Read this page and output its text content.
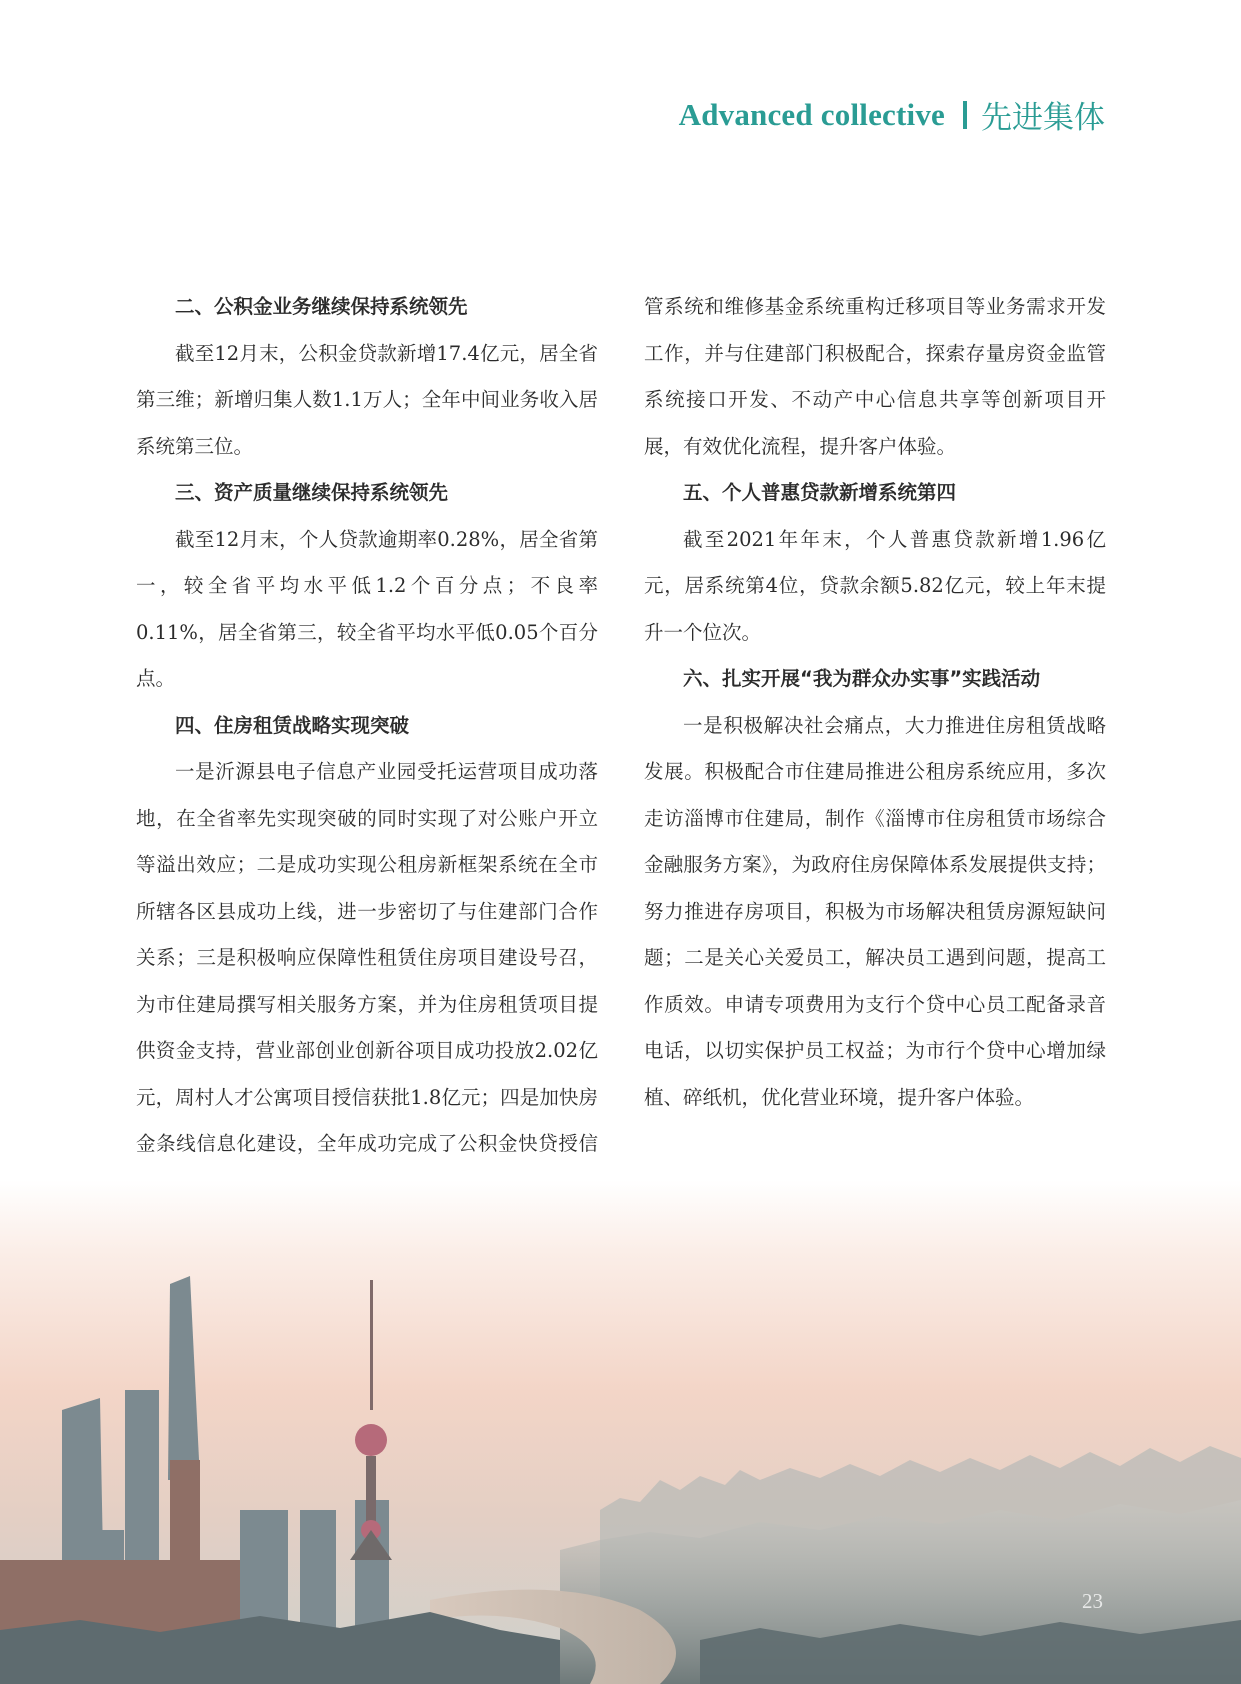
Advanced collective 先进集体
二、公积金业务继续保持系统领先

截至12月末，公积金贷款新增17.4亿元，居全省第三维；新增归集人数1.1万人；全年中间业务收入居系统第三位。

三、资产质量继续保持系统领先

截至12月末，个人贷款逾期率0.28%，居全省第一，较全省平均水平低1.2个百分点；不良率0.11%，居全省第三，较全省平均水平低0.05个百分点。

四、住房租赁战略实现突破

一是沂源县电子信息产业园受托运营项目成功落地，在全省率先实现突破的同时实现了对公账户开立等溢出效应；二是成功实现公租房新框架系统在全市所辖各区县成功上线，进一步密切了与住建部门合作关系；三是积极响应保障性租赁住房项目建设号召，为市住建局撰写相关服务方案，并为住房租赁项目提供资金支持，营业部创业创新谷项目成功投放2.02亿元，周村人才公寓项目授信获批1.8亿元；四是加快房金条线信息化建设，全年成功完成了公积金快贷授信

管系统和维修基金系统重构迁移项目等业务需求开发工作，并与住建部门积极配合，探索存量房资金监管系统接口开发、不动产中心信息共享等创新项目开展，有效优化流程，提升客户体验。

五、个人普惠贷款新增系统第四

截至2021年年末，个人普惠贷款新增1.96亿元，居系统第4位，贷款余额5.82亿元，较上年末提升一个位次。

六、扎实开展“我为群众办实事”实践活动

一是积极解决社会痛点，大力推进住房租赁战略发展。积极配合市住建局推进公租房系统应用，多次走访淄博市住建局，制作《淄博市住房租赁市场综合金融服务方案》，为政府住房保障体系发展提供支持；努力推进存房项目，积极为市场解决租赁房源短缺问题；二是关心关爱员工，解决员工遇到问题，提高工作质效。申请专项费用为支行个贷中心员工配备录音电话，以切实保护员工权益；为市行个贷中心增加绿植、碎纸机，优化营业环境，提升客户体验。

23
